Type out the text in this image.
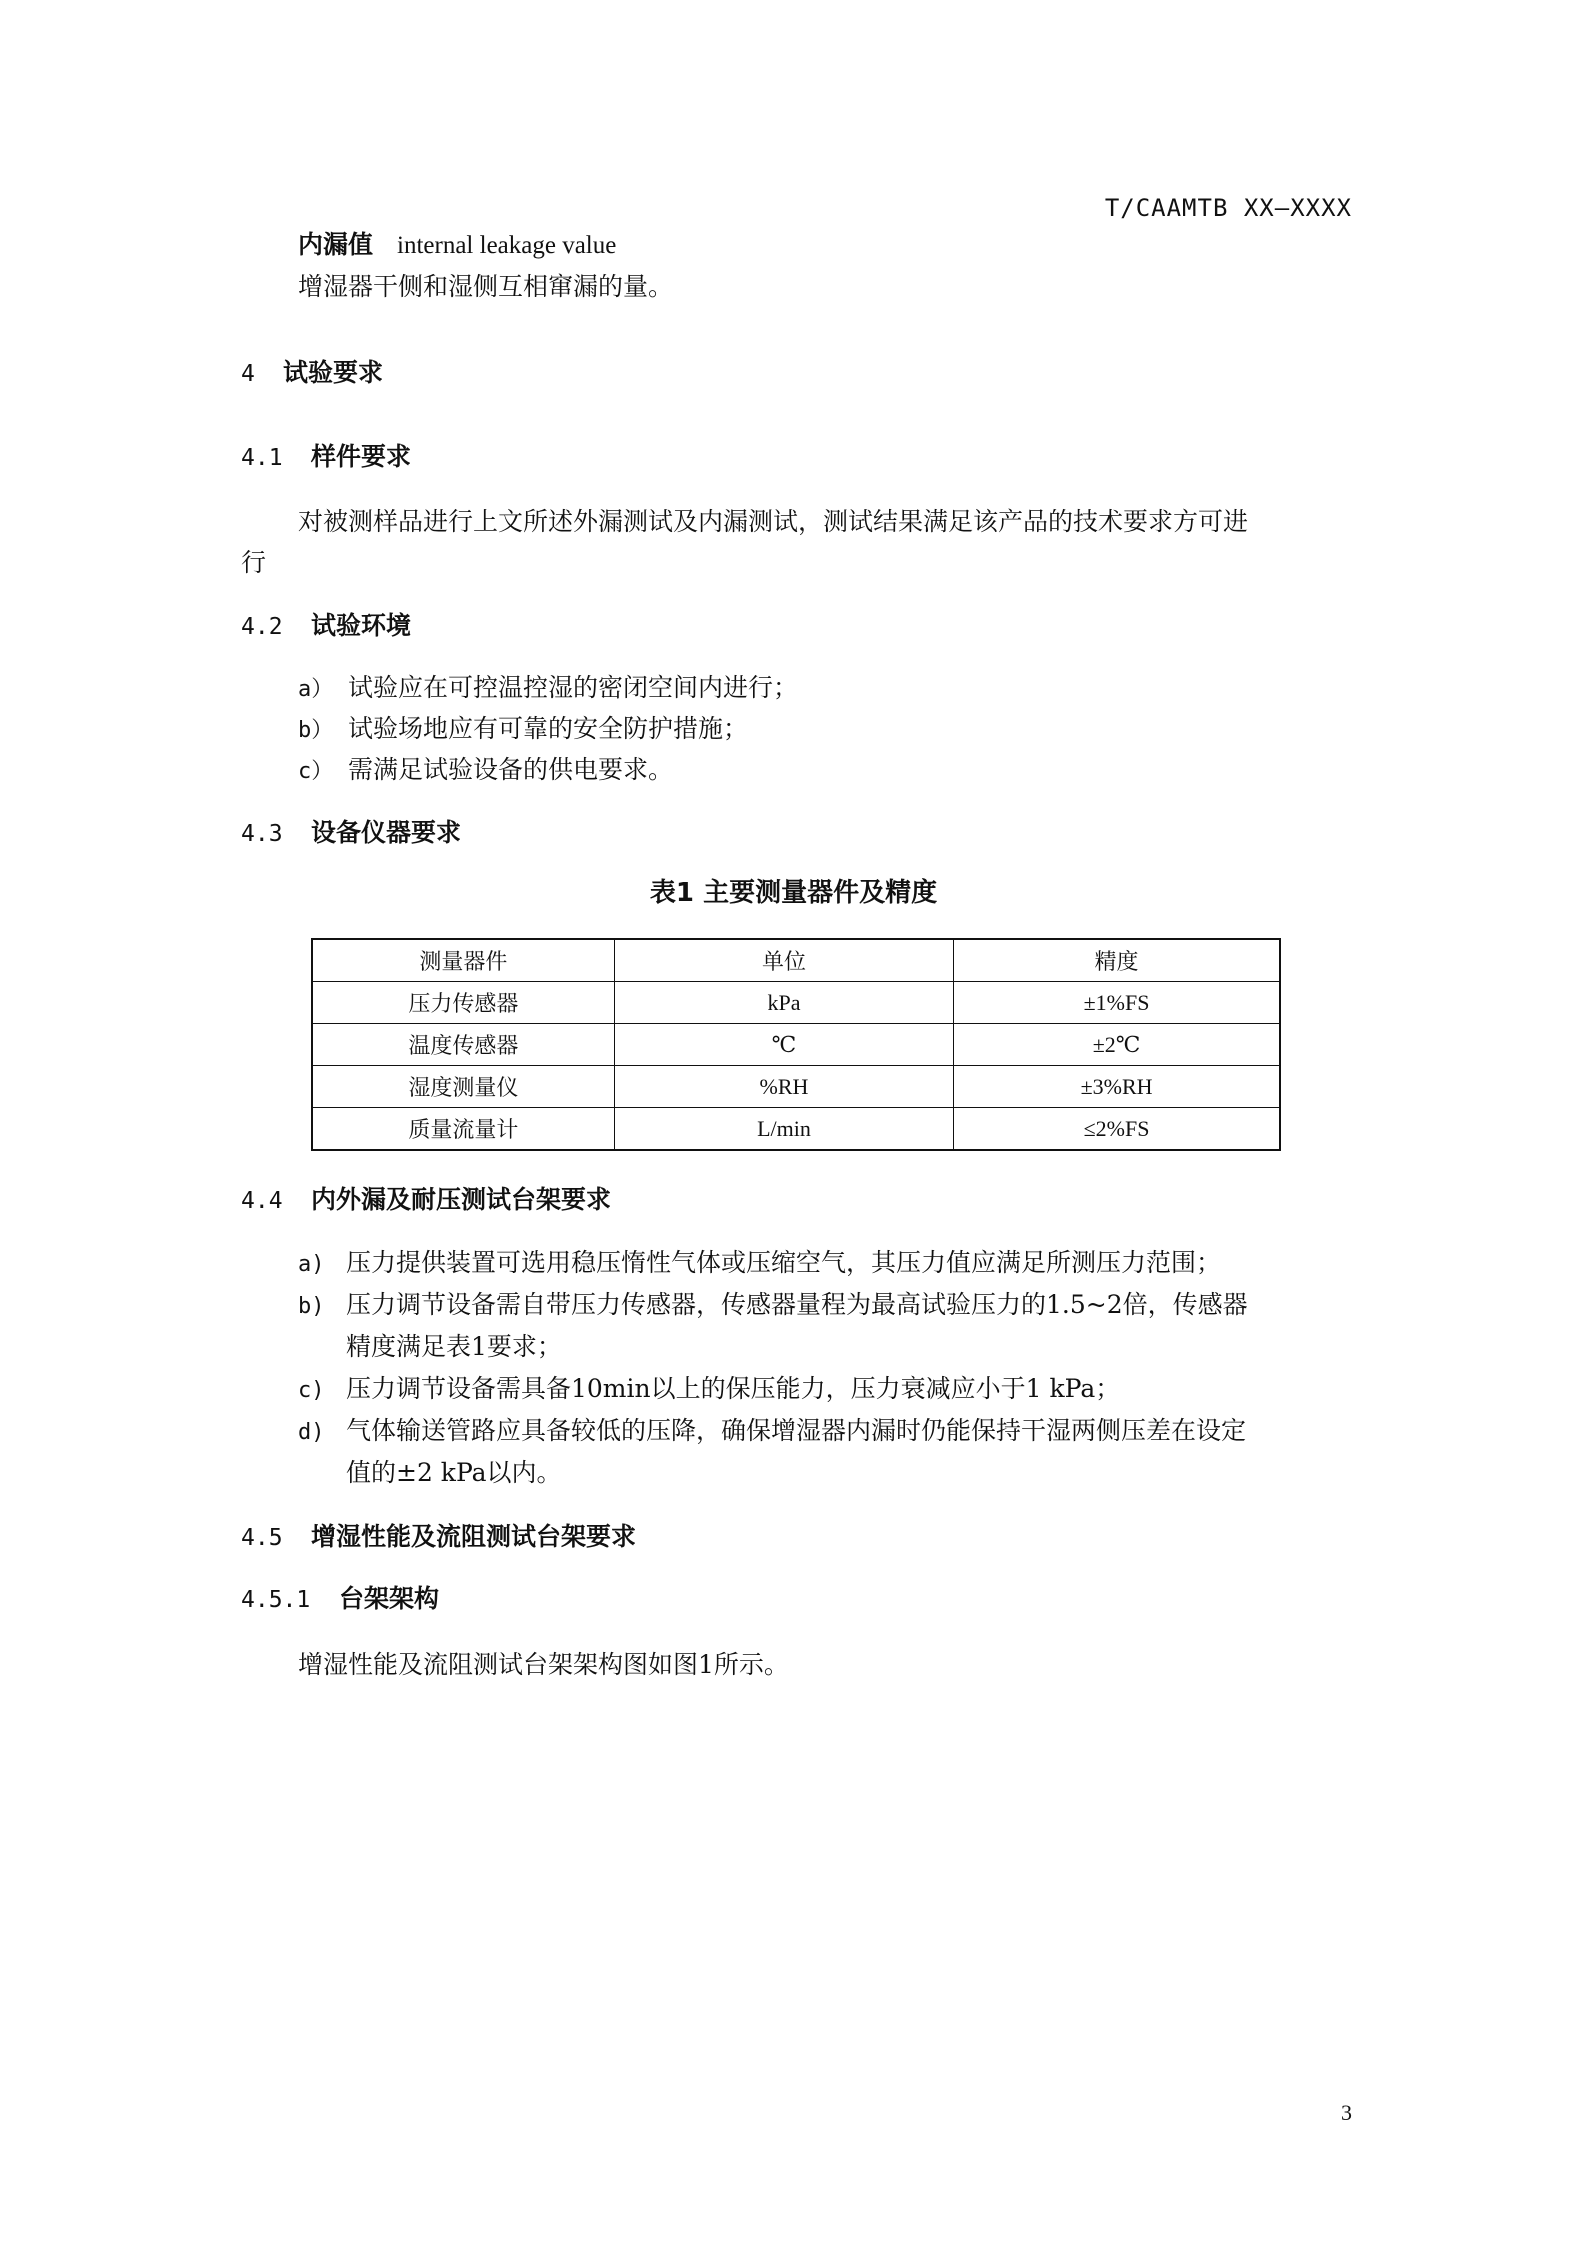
T/CAAMTB XX—XXXX
内漏值 internal leakage value
增湿器干侧和湿侧互相窜漏的量。
4 试验要求
4.1 样件要求
对被测样品进行上文所述外漏测试及内漏测试，测试结果满足该产品的技术要求方可进
行
4.2 试验环境
a） 试验应在可控温控湿的密闭空间内进行；
b） 试验场地应有可靠的安全防护措施；
c） 需满足试验设备的供电要求。
4.3 设备仪器要求
表1 主要测量器件及精度
测量器件	单位	精度
压力传感器	kPa	±1%FS
温度传感器	℃	±2℃
湿度测量仪	%RH	±3%RH
质量流量计	L/min	≤2%FS
4.4 内外漏及耐压测试台架要求
a) 压力提供装置可选用稳压惰性气体或压缩空气，其压力值应满足所测压力范围；
b) 压力调节设备需自带压力传感器，传感器量程为最高试验压力的1.5~2倍，传感器
精度满足表1要求；
c) 压力调节设备需具备10min以上的保压能力，压力衰减应小于1 kPa；
d) 气体输送管路应具备较低的压降，确保增湿器内漏时仍能保持干湿两侧压差在设定
值的±2 kPa以内。
4.5 增湿性能及流阻测试台架要求
4.5.1 台架架构
增湿性能及流阻测试台架架构图如图1所示。
3
